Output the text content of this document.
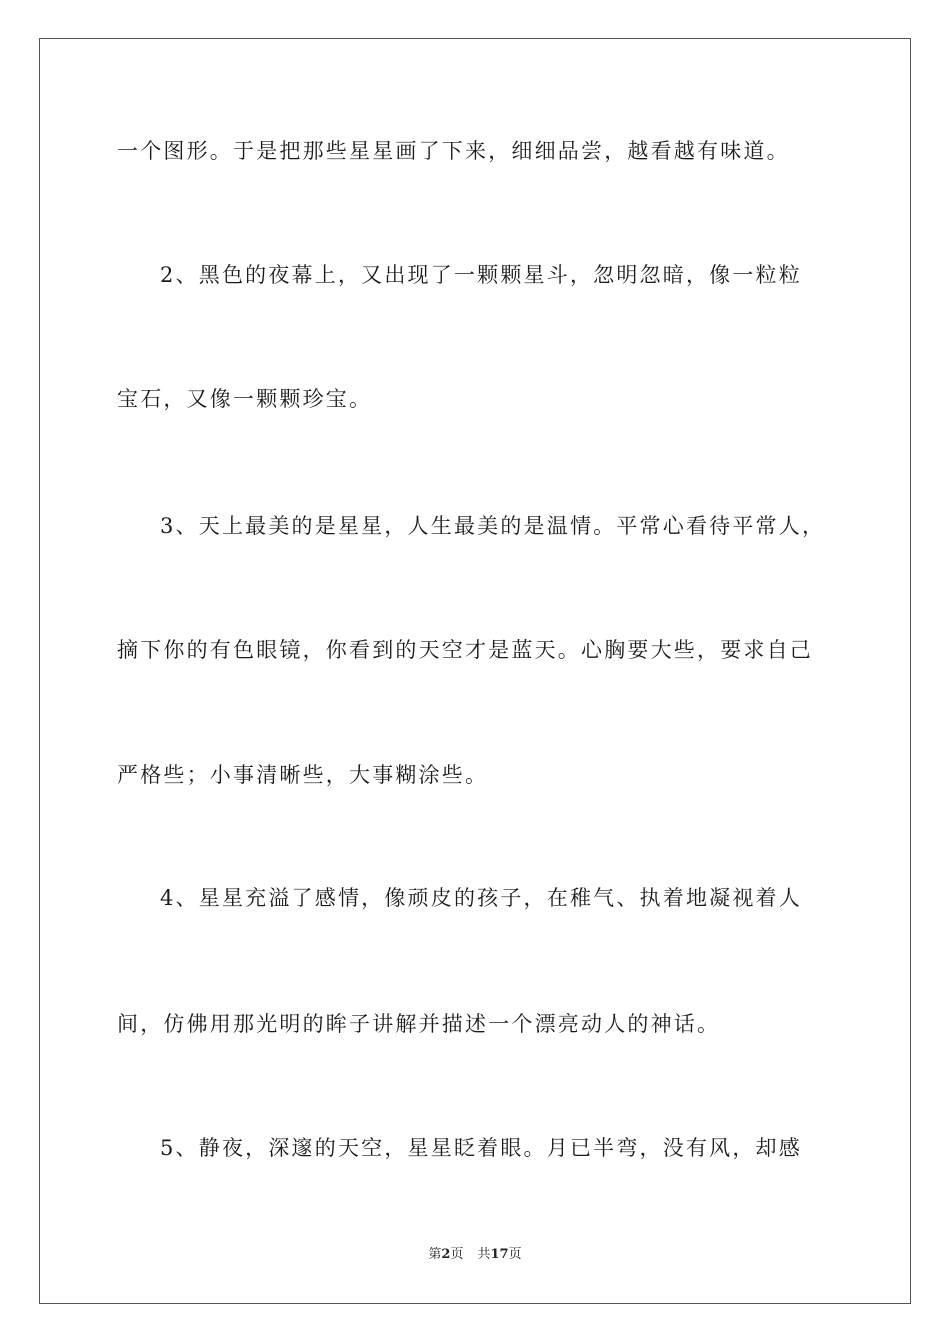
一个图形。于是把那些星星画了下来，细细品尝，越看越有味道。
2、黑色的夜幕上，又出现了一颗颗星斗，忽明忽暗，像一粒粒
宝石，又像一颗颗珍宝。
3、天上最美的是星星，人生最美的是温情。平常心看待平常人，
摘下你的有色眼镜，你看到的天空才是蓝天。心胸要大些，要求自己
严格些；小事清晰些，大事糊涂些。
4、星星充溢了感情，像顽皮的孩子，在稚气、执着地凝视着人
间，仿佛用那光明的眸子讲解并描述一个漂亮动人的神话。
5、静夜，深邃的天空，星星眨着眼。月已半弯，没有风，却感
第2页 共17页
